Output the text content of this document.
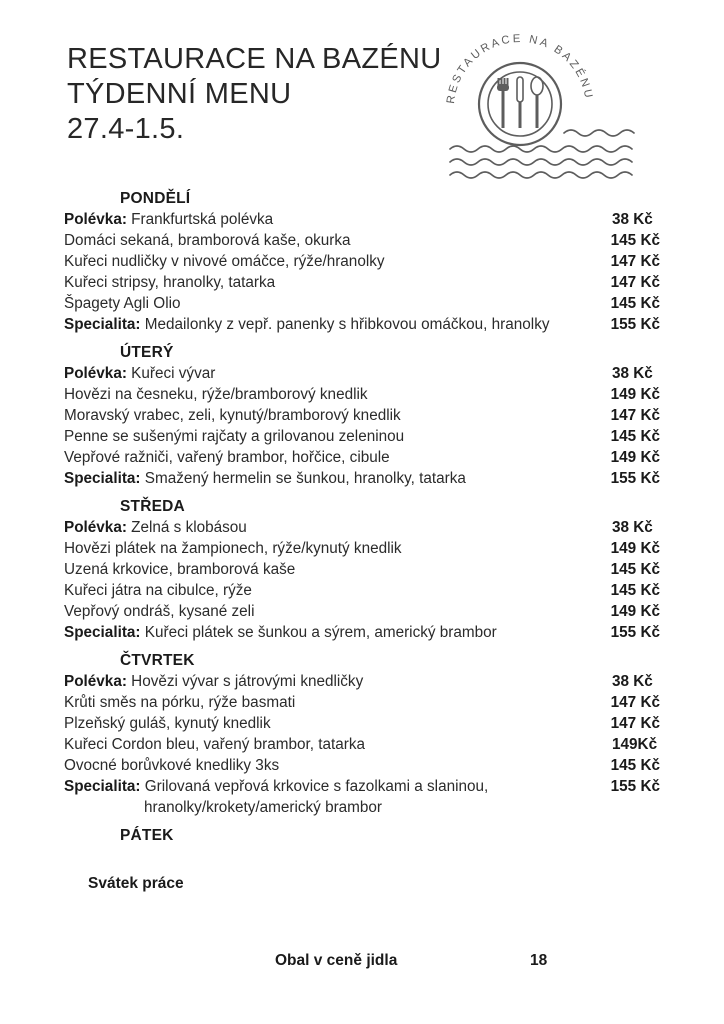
RESTAURACE NA BAZÉNU
TÝDENNÍ MENU
27.4-1.5.
RESTAURACE NA BAZÉNU
PONDĚLÍ
Polévka: Frankfurtská polévka	38 Kč
Domáci sekaná, bramborová kaše, okurka	145 Kč
Kuřeci nudličky v nivové omáčce, rýže/hranolky	147 Kč
Kuřeci stripsy, hranolky, tatarka	147 Kč
Špagety Agli Olio	145 Kč
Specialita: Medailonky z vepř. panenky s hřibkovou omáčkou, hranolky	155 Kč
ÚTERÝ
Polévka: Kuřeci vývar	38 Kč
Hovězi na česneku, rýže/bramborový knedlik	149 Kč
Moravský vrabec, zeli, kynutý/bramborový knedlik	147 Kč
Penne se sušenými rajčaty a grilovanou zeleninou	145 Kč
Vepřové ražniči, vařený brambor, hořčice, cibule	149 Kč
Specialita: Smažený hermelin se šunkou, hranolky, tatarka	155 Kč
STŘEDA
Polévka: Zelná s klobásou	38 Kč
Hovězi plátek na žampionech, rýže/kynutý knedlik	149 Kč
Uzená krkovice, bramborová kaše	145 Kč
Kuřeci játra na cibulce, rýže	145 Kč
Vepřový ondráš, kysané zeli	149 Kč
Specialita: Kuřeci plátek se šunkou a sýrem, americký brambor	155 Kč
ČTVRTEK
Polévka: Hovězi vývar s játrovými knedličky	38 Kč
Krůti směs na pórku, rýže basmati	147 Kč
Plzeňský guláš, kynutý knedlik	147 Kč
Kuřeci Cordon bleu, vařený brambor, tatarka	149Kč
Ovocné borůvkové knedliky 3ks	145 Kč
Specialita: Grilovaná vepřová krkovice s fazolkami a slaninou,
hranolky/krokety/americký brambor
155 Kč
PÁTEK
Svátek práce
Obal v ceně jidla	18
